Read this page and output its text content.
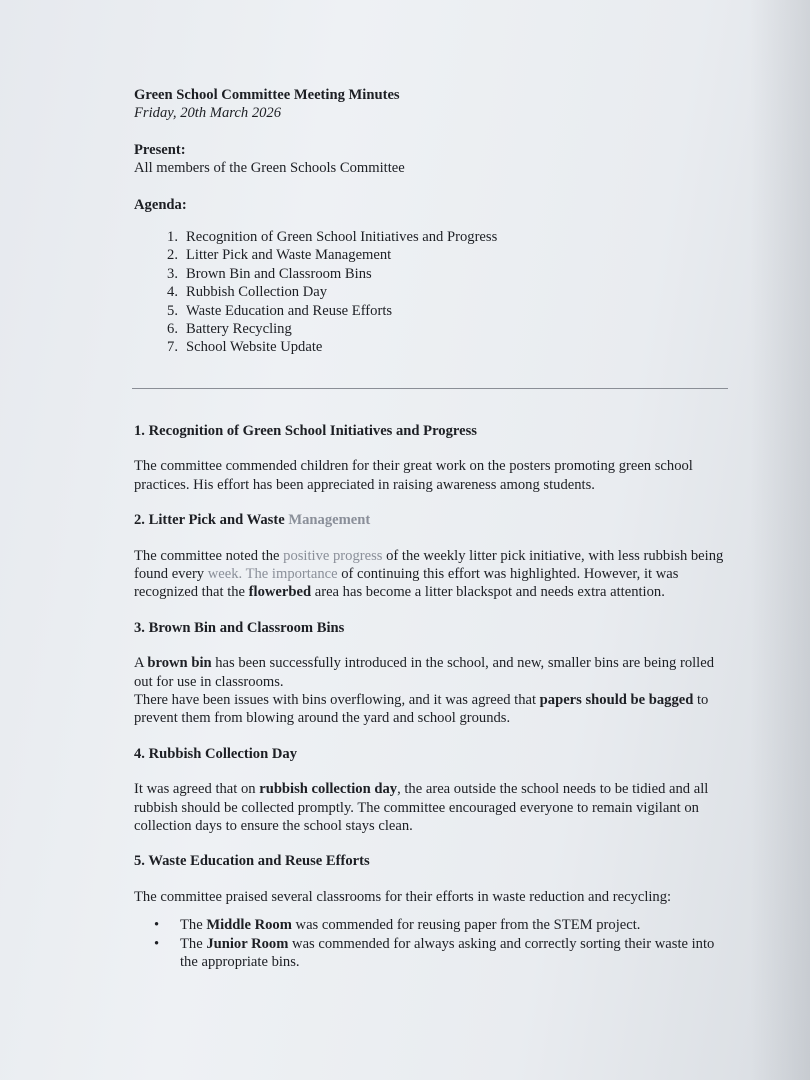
Green School Committee Meeting Minutes

Friday, 20th March 2026

Present:

All members of the Green Schools Committee

Agenda:

1. Recognition of Green School Initiatives and Progress
2. Litter Pick and Waste Management
3. Brown Bin and Classroom Bins
4. Rubbish Collection Day
5. Waste Education and Reuse Efforts
6. Battery Recycling
7. School Website Update

1. Recognition of Green School Initiatives and Progress

The committee commended children for their great work on the posters promoting green school practices. His effort has been appreciated in raising awareness among students.

2. Litter Pick and Waste Management

The committee noted the positive progress of the weekly litter pick initiative, with less rubbish being found every week. The importance of continuing this effort was highlighted. However, it was recognized that the flowerbed area has become a litter blackspot and needs extra attention.

3. Brown Bin and Classroom Bins

A brown bin has been successfully introduced in the school, and new, smaller bins are being rolled out for use in classrooms.

There have been issues with bins overflowing, and it was agreed that papers should be bagged to prevent them from blowing around the yard and school grounds.

4. Rubbish Collection Day

It was agreed that on rubbish collection day, the area outside the school needs to be tidied and all rubbish should be collected promptly. The committee encouraged everyone to remain vigilant on collection days to ensure the school stays clean.

5. Waste Education and Reuse Efforts

The committee praised several classrooms for their efforts in waste reduction and recycling:

• The Middle Room was commended for reusing paper from the STEM project.
• The Junior Room was commended for always asking and correctly sorting their waste into the appropriate bins.
